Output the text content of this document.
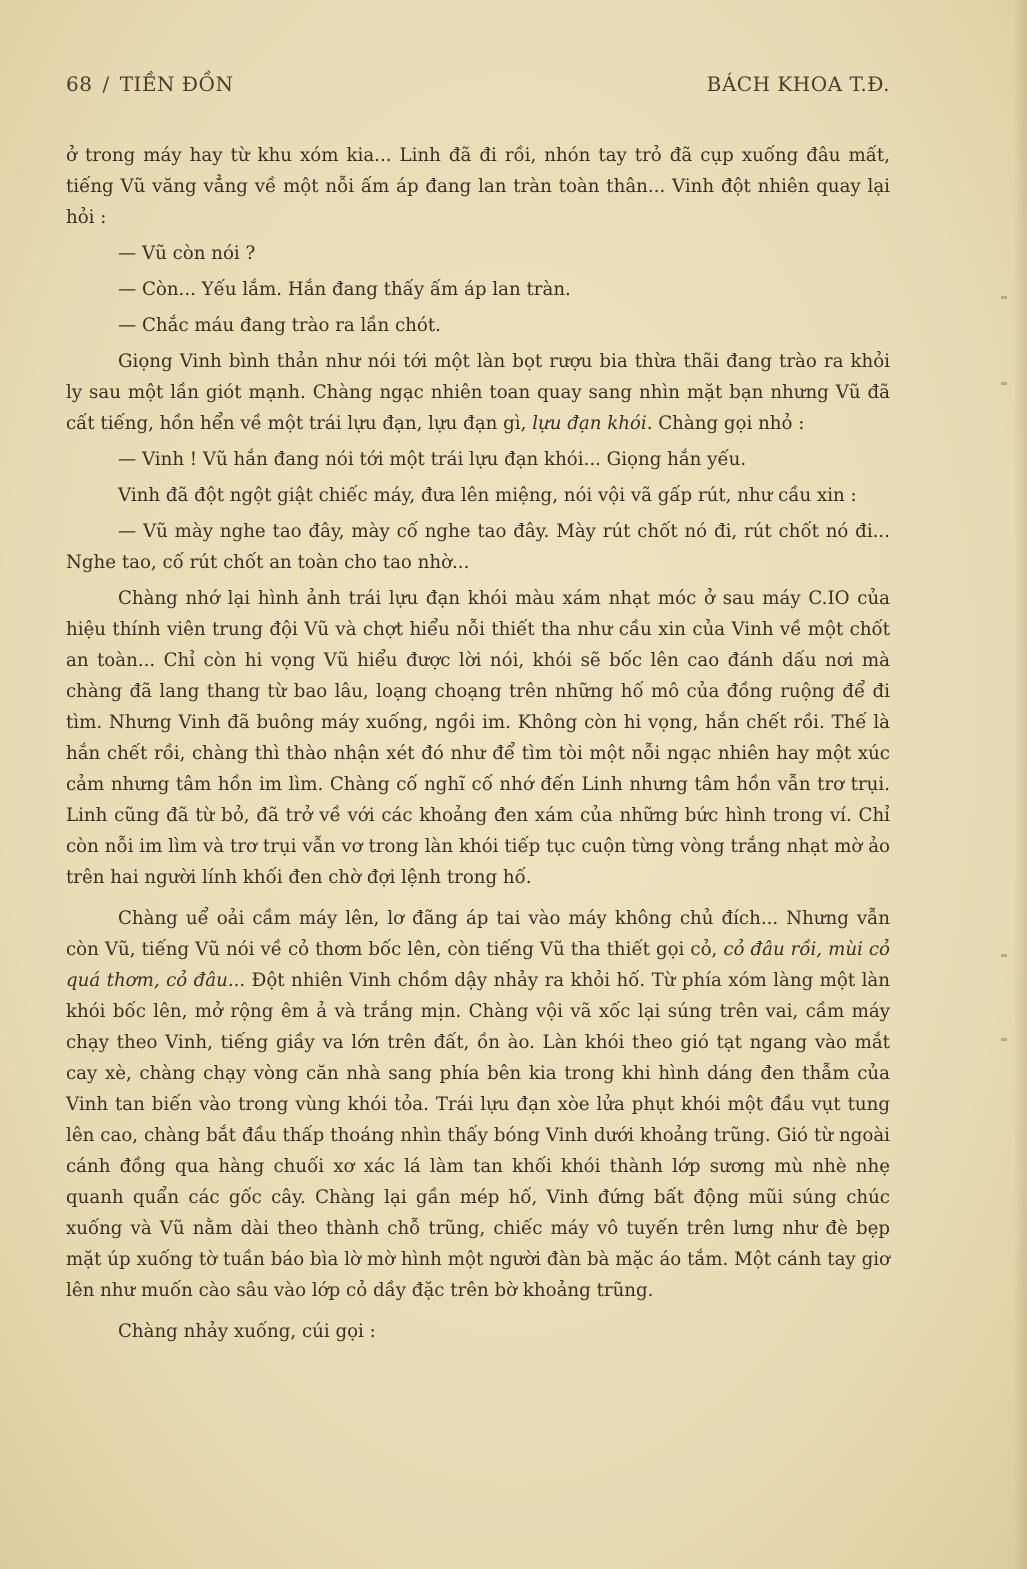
68 / TIỀN ĐỒN	BÁCH KHOA T.Đ.

ở trong máy hay từ khu xóm kia... Linh đã đi rồi, nhón tay trỏ đã cụp xuống đâu mất, tiếng Vũ văng vẳng về một nỗi ấm áp đang lan tràn toàn thân... Vinh đột nhiên quay lại hỏi :

— Vũ còn nói ?

— Còn... Yếu lắm. Hắn đang thấy ấm áp lan tràn.

— Chắc máu đang trào ra lần chót.

Giọng Vinh bình thản như nói tới một làn bọt rượu bia thừa thãi đang trào ra khỏi ly sau một lần giót mạnh. Chàng ngạc nhiên toan quay sang nhìn mặt bạn nhưng Vũ đã cất tiếng, hồn hển về một trái lựu đạn, lựu đạn gì, lựu đạn khói. Chàng gọi nhỏ :

— Vinh ! Vũ hắn đang nói tới một trái lựu đạn khói... Giọng hắn yếu.

Vinh đã đột ngột giật chiếc máy, đưa lên miệng, nói vội vã gấp rút, như cầu xin :

— Vũ mày nghe tao đây, mày cố nghe tao đây. Mày rút chốt nó đi, rút chốt nó đi... Nghe tao, cố rút chốt an toàn cho tao nhờ...

Chàng nhớ lại hình ảnh trái lựu đạn khói màu xám nhạt móc ở sau máy C.IO của hiệu thính viên trung đội Vũ và chợt hiểu nỗi thiết tha như cầu xin của Vinh về một chốt an toàn... Chỉ còn hi vọng Vũ hiểu được lời nói, khói sẽ bốc lên cao đánh dấu nơi mà chàng đã lang thang từ bao lâu, loạng choạng trên những hố mô của đồng ruộng để đi tìm. Nhưng Vinh đã buông máy xuống, ngồi im. Không còn hi vọng, hắn chết rồi. Thế là hắn chết rồi, chàng thì thào nhận xét đó như để tìm tòi một nỗi ngạc nhiên hay một xúc cảm nhưng tâm hồn im lìm. Chàng cố nghĩ cố nhớ đến Linh nhưng tâm hồn vẫn trơ trụi. Linh cũng đã từ bỏ, đã trở về với các khoảng đen xám của những bức hình trong ví. Chỉ còn nỗi im lìm và trơ trụi vẫn vơ trong làn khói tiếp tục cuộn từng vòng trắng nhạt mờ ảo trên hai người lính khối đen chờ đợi lệnh trong hố.

Chàng uể oải cầm máy lên, lơ đãng áp tai vào máy không chủ đích... Nhưng vẫn còn Vũ, tiếng Vũ nói về cỏ thơm bốc lên, còn tiếng Vũ tha thiết gọi cỏ, cỏ đâu rồi, mùi cỏ quá thơm, cỏ đâu... Đột nhiên Vinh chồm dậy nhảy ra khỏi hố. Từ phía xóm làng một làn khói bốc lên, mở rộng êm ả và trắng mịn. Chàng vội vã xốc lại súng trên vai, cầm máy chạy theo Vinh, tiếng giầy va lớn trên đất, ồn ào. Làn khói theo gió tạt ngang vào mắt cay xè, chàng chạy vòng căn nhà sang phía bên kia trong khi hình dáng đen thẫm của Vinh tan biến vào trong vùng khói tỏa. Trái lựu đạn xòe lửa phụt khói một đầu vụt tung lên cao, chàng bắt đầu thấp thoáng nhìn thấy bóng Vinh dưới khoảng trũng. Gió từ ngoài cánh đồng qua hàng chuối xơ xác lá làm tan khối khói thành lớp sương mù nhè nhẹ quanh quẩn các gốc cây. Chàng lại gần mép hố, Vinh đứng bất động mũi súng chúc xuống và Vũ nằm dài theo thành chỗ trũng, chiếc máy vô tuyến trên lưng như đè bẹp mặt úp xuống tờ tuần báo bìa lờ mờ hình một người đàn bà mặc áo tắm. Một cánh tay giơ lên như muốn cào sâu vào lớp cỏ dầy đặc trên bờ khoảng trũng.

Chàng nhảy xuống, cúi gọi :
